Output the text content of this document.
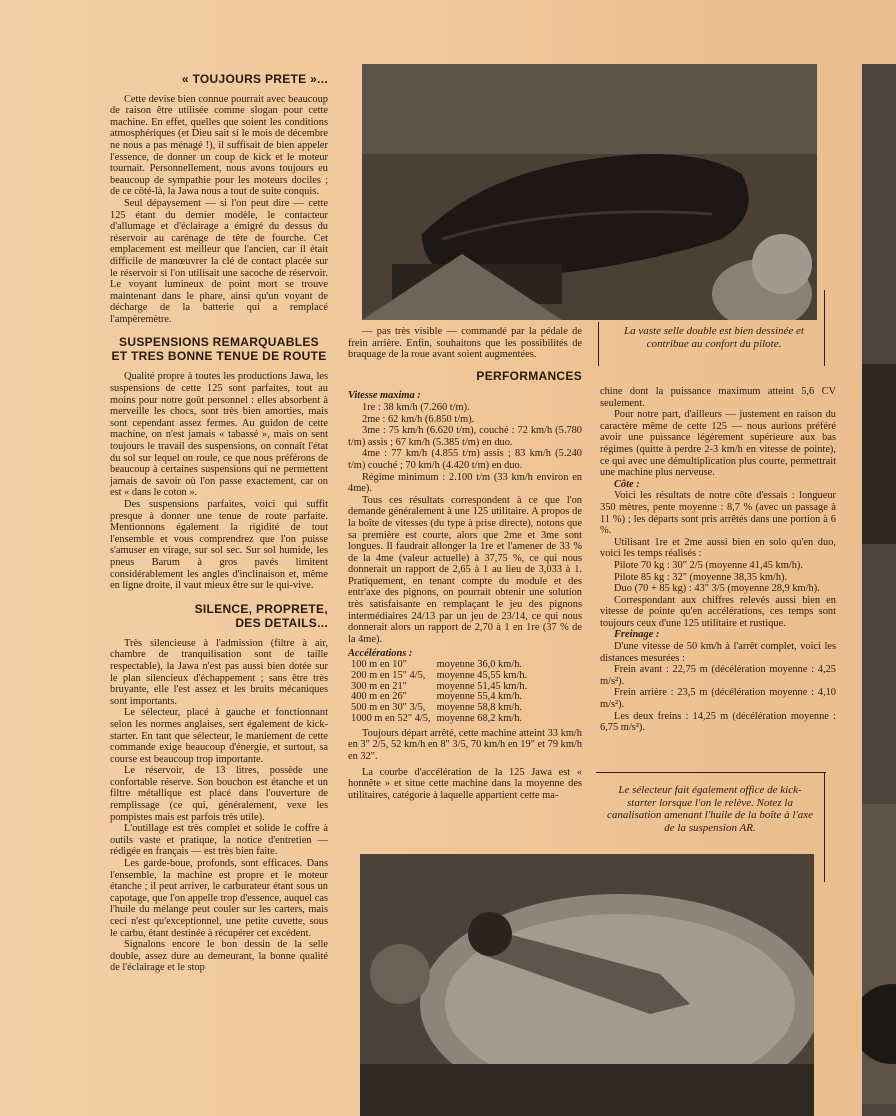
« TOUJOURS PRETE »...

Cette devise bien connue pourrait avec beaucoup de raison être utilisée comme slogan pour cette machine. En effet, quelles que soient les conditions atmosphériques (et Dieu sait si le mois de décembre ne nous a pas ménagé !), il suffisait de bien appeler l'essence, de donner un coup de kick et le moteur tournait. Personnellement, nous avons toujours eu beaucoup de sympathie pour les moteurs dociles ; de ce côté-là, la Jawa nous a tout de suite conquis.

Seul dépaysement — si l'on peut dire — cette 125 étant du dernier modèle, le contacteur d'allumage et d'éclairage a émigré du dessus du réservoir au carénage de tête de fourche. Cet emplacement est meilleur que l'ancien, car il était difficile de manœuvrer la clé de contact placée sur le réservoir si l'on utilisait une sacoche de réservoir. Le voyant lumineux de point mort se trouve maintenant dans le phare, ainsi qu'un voyant de décharge de la batterie qui a remplacé l'ampèremètre.

SUSPENSIONS REMARQUABLES ET TRES BONNE TENUE DE ROUTE

Qualité propre à toutes les productions Jawa, les suspensions de cette 125 sont parfaites, tout au moins pour notre goût personnel : elles absorbent à merveille les chocs, sont très bien amorties, mais sont cependant assez fermes. Au guidon de cette machine, on n'est jamais « tabassé », mais on sent toujours le travail des suspensions, on connaît l'état du sol sur lequel on roule, ce que nous préférons de beaucoup à certaines suspensions qui ne permettent jamais de savoir où l'on passe exactement, car on est « dans le coton ».

Des suspensions parfaites, voici qui suffit presque à donner une tenue de route parfaite. Mentionnons également la rigidité de tout l'ensemble et vous comprendrez que l'on puisse s'amuser en virage, sur sol sec. Sur sol humide, les pneus Barum à gros pavés limitent considérablement les angles d'inclinaison et, même en ligne droite, il vaut mieux être sur le qui-vive.

SILENCE, PROPRETE, DES DETAILS...

Très silencieuse à l'admission (filtre à air, chambre de tranquilisation sont de taille respectable), la Jawa n'est pas aussi bien dotée sur le plan silencieux d'échappement ; sans être très bruyante, elle l'est assez et les bruits mécaniques sont importants.

Le sélecteur, placé à gauche et fonctionnant selon les normes anglaises, sert également de kick-starter. En tant que sélecteur, le maniement de cette commande exige beaucoup d'énergie, et surtout, sa course est beaucoup trop importante.

Le réservoir, de 13 litres, possède une confortable réserve. Son bouchon est étanche et un filtre métallique est placé dans l'ouverture de remplissage (ce qui, généralement, vexe les pompistes mais est parfois très utile).

L'outillage est très complet et solide le coffre à outils vaste et pratique, la notice d'entretien — rédigée en français — est très bien faite.

Les garde-boue, profonds, sont efficaces. Dans l'ensemble, la machine est propre et le moteur étanche ; il peut arriver, le carburateur étant sous un capotage, que l'on appelle trop d'essence, auquel cas l'huile du mélange peut couler sur les carters, mais ceci n'est qu'exceptionnel, une petite cuvette, sous le carbu, étant destinée à récupérer cet excédent.

Signalons encore le bon dessin de la selle double, assez dure au demeurant, la bonne qualité de l'éclairage et le stop

La vaste selle double est bien dessinée et contribue au confort du pilote.

— pas très visible — commandé par la pédale de frein arrière. Enfin, souhaitons que les possibilités de braquage de la roue avant soient augmentées.

PERFORMANCES
Vitesse maxima :

1re : 38 km/h (7.260 t/m).

2me : 62 km/h (6.850 t/m).

3me : 75 km/h (6.620 t/m), couché : 72 km/h (5.780 t/m) assis ; 67 km/h (5.385 t/m) en duo.

4me : 77 km/h (4.855 t/m) assis ; 83 km/h (5.240 t/m) couché ; 70 km/h (4.420 t/m) en duo.

Régime minimum : 2.100 t/m (33 km/h environ en 4me).

Tous ces résultats correspondent à ce que l'on demande généralement à une 125 utilitaire. A propos de la boîte de vitesses (du type à prise directe), notons que sa première est courte, alors que 2me et 3me sont longues. Il faudrait allonger la 1re et l'amener de 33 % de la 4me (valeur actuelle) à 37,75 %, ce qui nous donnerait un rapport de 2,65 à 1 au lieu de 3,033 à 1. Pratiquement, en tenant compte du module et des entr'axe des pignons, on pourrait obtenir une solution très satisfaisante en remplaçant le jeu des pignons intermédiaires 24/13 par un jeu de 23/14, ce qui nous donnerait alors un rapport de 2,70 à 1 en 1re (37 % de la 4me).

Accélérations :
100 m en 10"	moyenne 36,0 km/h.
200 m en 15" 4/5,	moyenne 45,55 km/h.
300 m en 21"	moyenne 51,45 km/h.
400 m en 26"	moyenne 55,4 km/h.
500 m en 30" 3/5,	moyenne 58,8 km/h.
1000 m en 52" 4/5,	moyenne 68,2 km/h.

Toujours départ arrêté, cette machine atteint 33 km/h en 3" 2/5, 52 km/h en 8" 3/5, 70 km/h en 19" et 79 km/h en 32".

La courbe d'accélération de la 125 Jawa est « honnête » et situe cette machine dans la moyenne des utilitaires, catégorie à laquelle appartient cette ma-

chine dont la puissance maximum atteint 5,6 CV seulement.

Pour notre part, d'ailleurs — justement en raison du caractère même de cette 125 — nous aurions préféré avoir une puissance légèrement supérieure aux bas régimes (quitte à perdre 2-3 km/h en vitesse de pointe), ce qui avec une démultiplication plus courte, permettrait une machine plus nerveuse.

Côte :

Voici les résultats de notre côte d'essais : longueur 350 mètres, pente moyenne : 8,7 % (avec un passage à 11 %) ; les départs sont pris arrêtés dans une portion à 6 %.

Utilisant 1re et 2me aussi bien en solo qu'en duo, voici les temps réalisés :

Pilote 70 kg : 30" 2/5 (moyenne 41,45 km/h).

Pilote 85 kg : 32" (moyenne 38,35 km/h).

Duo (70 + 85 kg) : 43" 3/5 (moyenne 28,9 km/h).

Correspondant aux chiffres relevés aussi bien en vitesse de pointe qu'en accélérations, ces temps sont toujours ceux d'une 125 utilitaire et rustique.

Freinage :

D'une vitesse de 50 km/h à l'arrêt complet, voici les distances mesurées :

Frein avant : 22,75 m (décélération moyenne : 4,25 m/s²).

Frein arrière : 23,5 m (décélération moyenne : 4,10 m/s²).

Les deux freins : 14,25 m (décélération moyenne : 6,75 m/s²).

Le sélecteur fait également office de kick-starter lorsque l'on le relève. Notez la canalisation amenant l'huile de la boîte à l'axe de la suspension AR.
